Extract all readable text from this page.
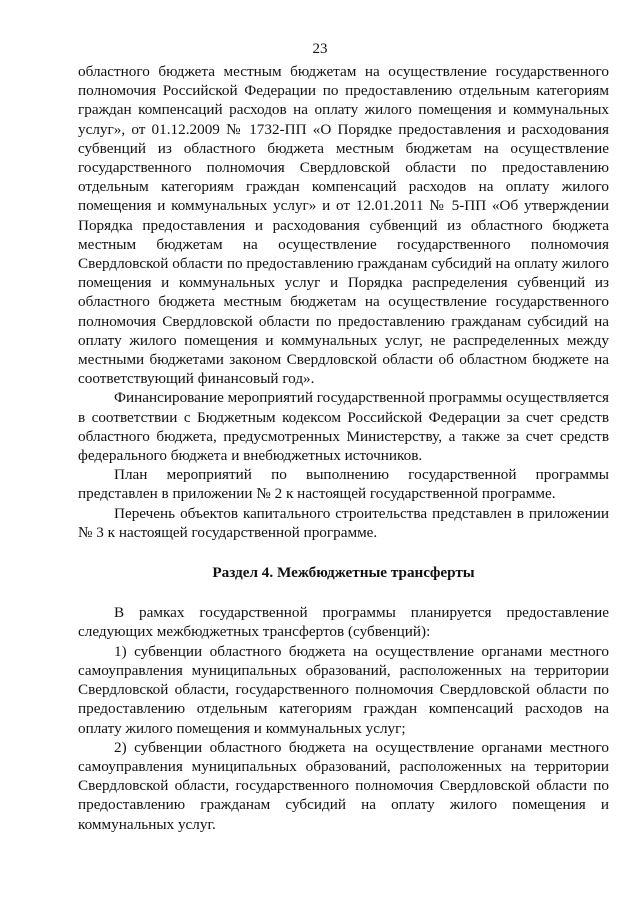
23

областного бюджета местным бюджетам на осуществление государственного полномочия Российской Федерации по предоставлению отдельным категориям граждан компенсаций расходов на оплату жилого помещения и коммунальных услуг», от 01.12.2009 № 1732-ПП «О Порядке предоставления и расходования субвенций из областного бюджета местным бюджетам на осуществление государственного полномочия Свердловской области по предоставлению отдельным категориям граждан компенсаций расходов на оплату жилого помещения и коммунальных услуг» и от 12.01.2011 № 5-ПП «Об утверждении Порядка предоставления и расходования субвенций из областного бюджета местным бюджетам на осуществление государственного полномочия Свердловской области по предоставлению гражданам субсидий на оплату жилого помещения и коммунальных услуг и Порядка распределения субвенций из областного бюджета местным бюджетам на осуществление государственного полномочия Свердловской области по предоставлению гражданам субсидий на оплату жилого помещения и коммунальных услуг, не распределенных между местными бюджетами законом Свердловской области об областном бюджете на соответствующий финансовый год».

Финансирование мероприятий государственной программы осуществляется в соответствии с Бюджетным кодексом Российской Федерации за счет средств областного бюджета, предусмотренных Министерству, а также за счет средств федерального бюджета и внебюджетных источников.

План мероприятий по выполнению государственной программы представлен в приложении № 2 к настоящей государственной программе.

Перечень объектов капитального строительства представлен в приложении № 3 к настоящей государственной программе.

Раздел 4. Межбюджетные трансферты

В рамках государственной программы планируется предоставление следующих межбюджетных трансфертов (субвенций):

1) субвенции областного бюджета на осуществление органами местного самоуправления муниципальных образований, расположенных на территории Свердловской области, государственного полномочия Свердловской области по предоставлению отдельным категориям граждан компенсаций расходов на оплату жилого помещения и коммунальных услуг;

2) субвенции областного бюджета на осуществление органами местного самоуправления муниципальных образований, расположенных на территории Свердловской области, государственного полномочия Свердловской области по предоставлению гражданам субсидий на оплату жилого помещения и коммунальных услуг.
